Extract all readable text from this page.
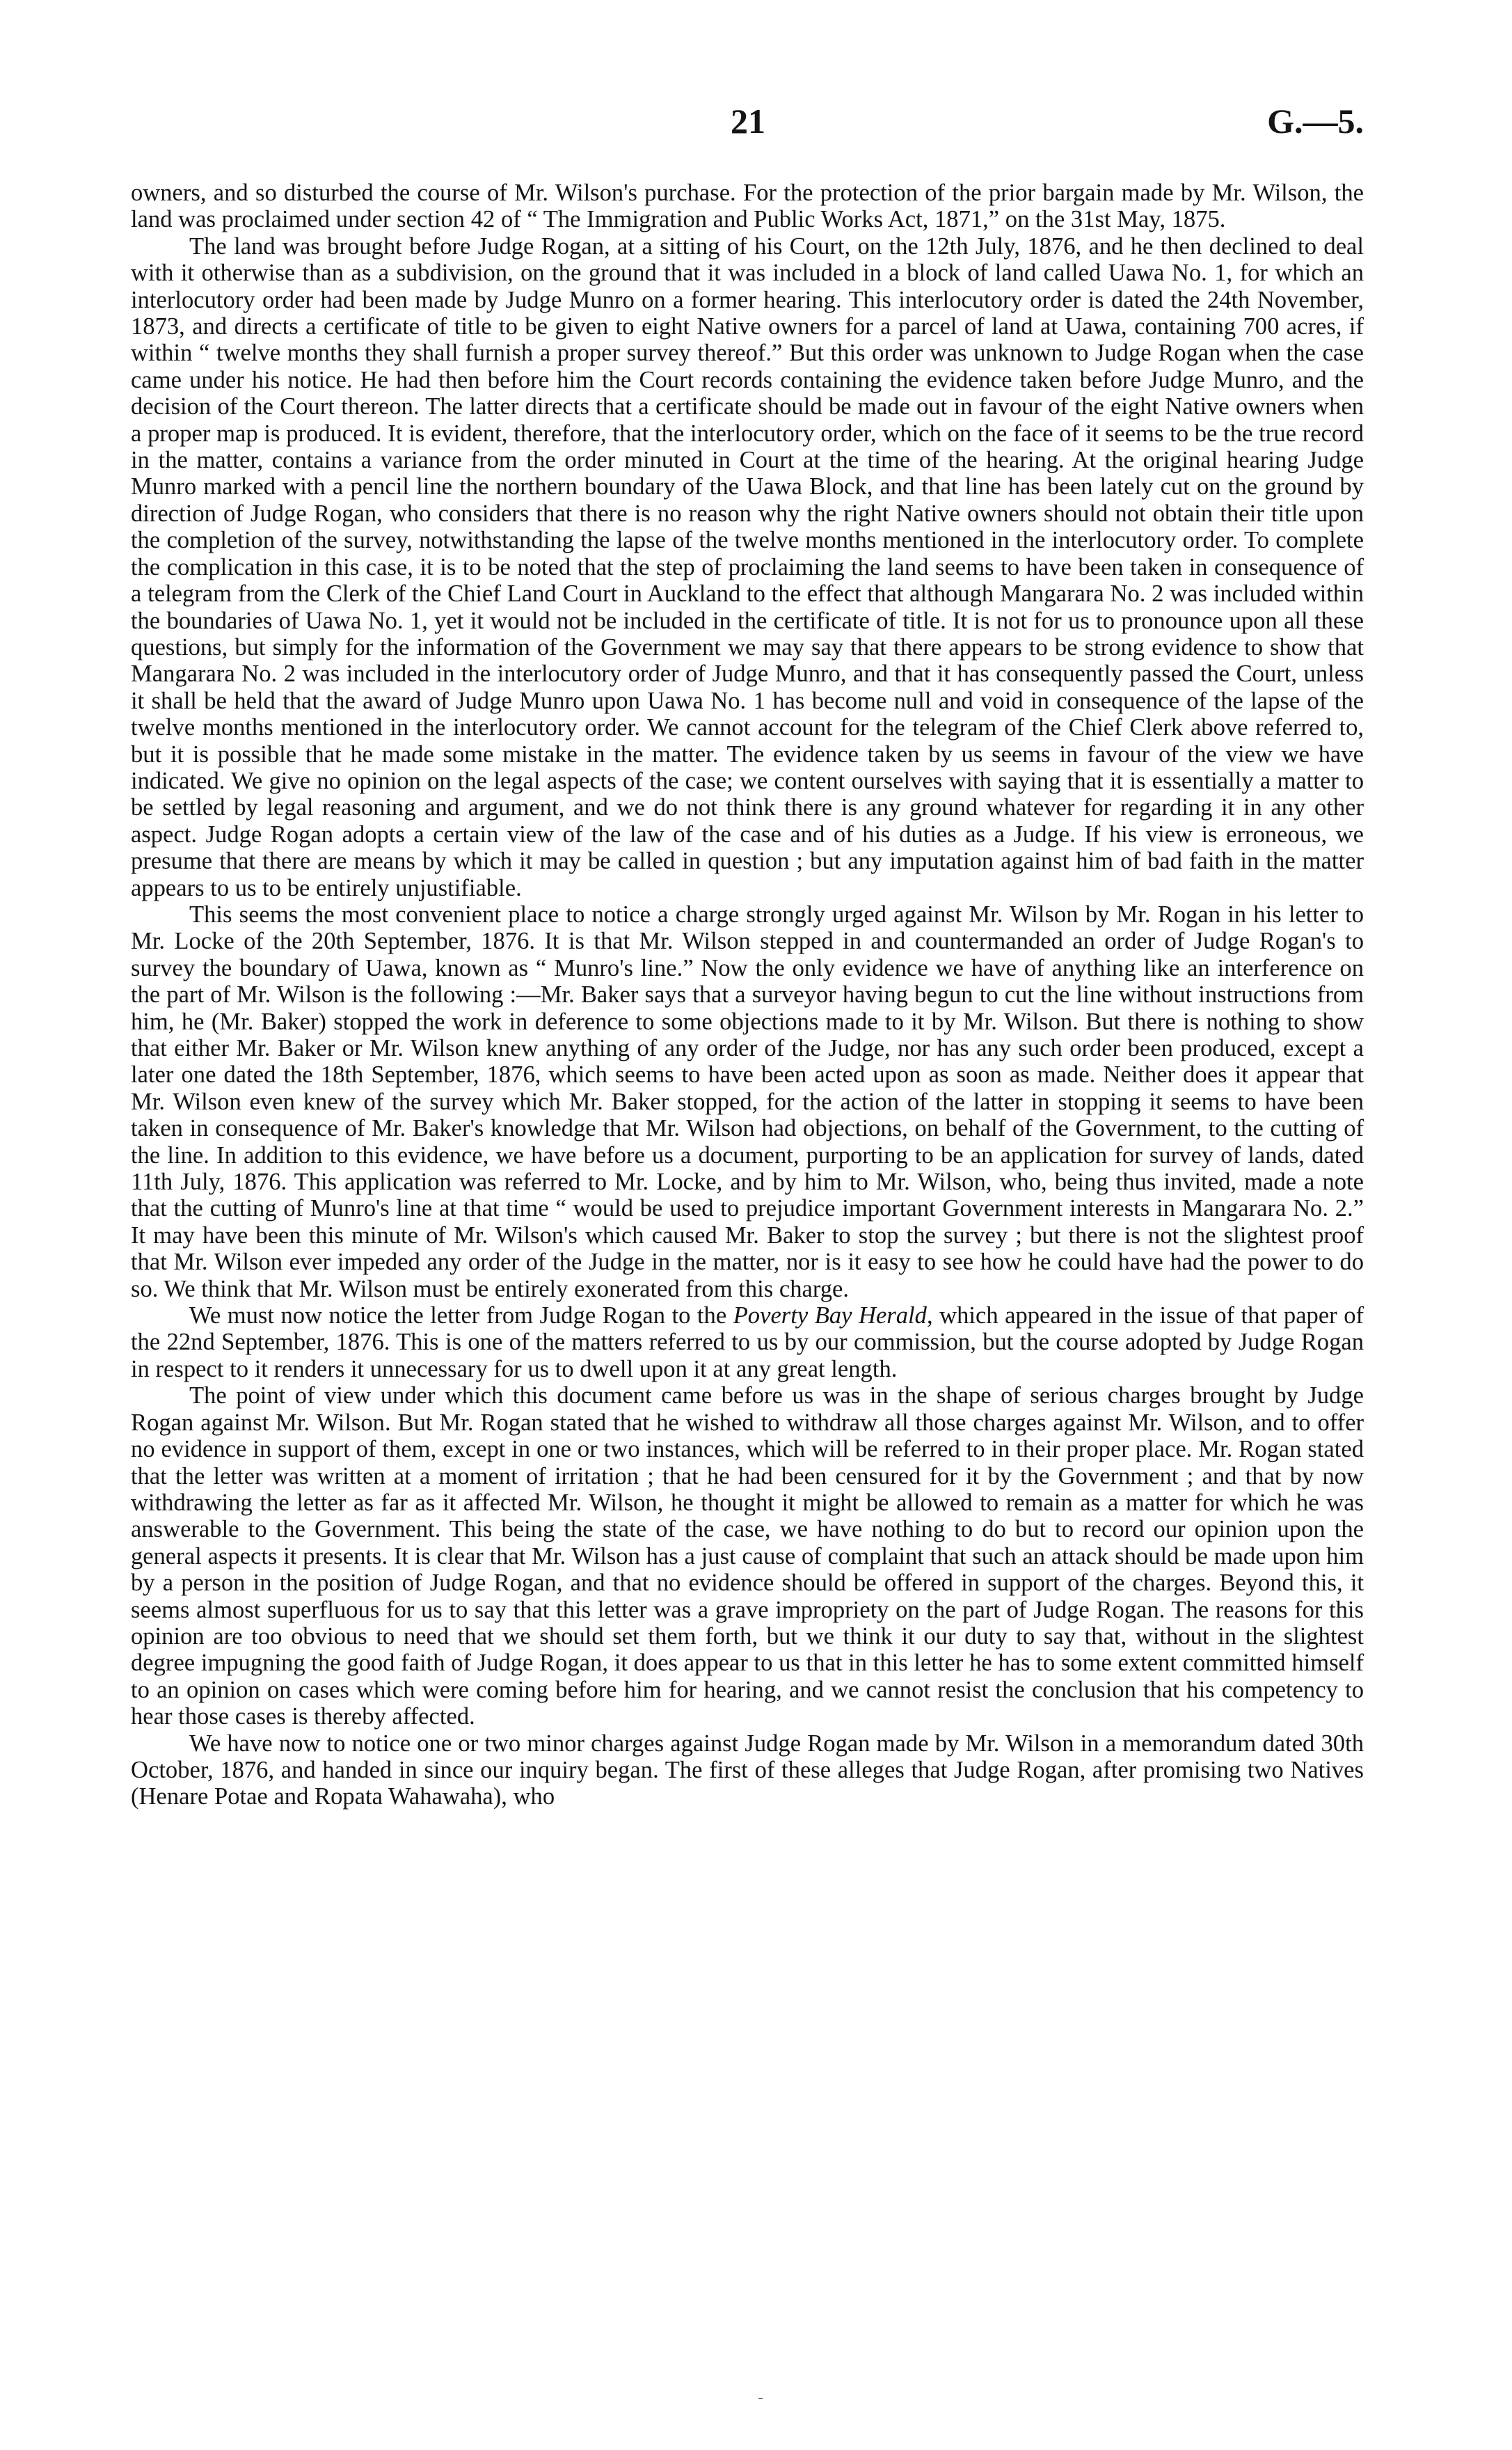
21	G.—5.

owners, and so disturbed the course of Mr. Wilson's purchase. For the protection of the prior bargain made by Mr. Wilson, the land was proclaimed under section 42 of “ The Immigration and Public Works Act, 1871,” on the 31st May, 1875.

The land was brought before Judge Rogan, at a sitting of his Court, on the 12th July, 1876, and he then declined to deal with it otherwise than as a subdivision, on the ground that it was included in a block of land called Uawa No. 1, for which an interlocutory order had been made by Judge Munro on a former hearing. This interlocutory order is dated the 24th November, 1873, and directs a certificate of title to be given to eight Native owners for a parcel of land at Uawa, containing 700 acres, if within “ twelve months they shall furnish a proper survey thereof.” But this order was unknown to Judge Rogan when the case came under his notice. He had then before him the Court records containing the evidence taken before Judge Munro, and the decision of the Court thereon. The latter directs that a certificate should be made out in favour of the eight Native owners when a proper map is produced. It is evident, therefore, that the interlocutory order, which on the face of it seems to be the true record in the matter, contains a variance from the order minuted in Court at the time of the hearing. At the original hearing Judge Munro marked with a pencil line the northern boundary of the Uawa Block, and that line has been lately cut on the ground by direction of Judge Rogan, who considers that there is no reason why the right Native owners should not obtain their title upon the completion of the survey, notwithstanding the lapse of the twelve months mentioned in the interlocutory order. To complete the complication in this case, it is to be noted that the step of proclaiming the land seems to have been taken in consequence of a telegram from the Clerk of the Chief Land Court in Auckland to the effect that although Mangarara No. 2 was included within the boundaries of Uawa No. 1, yet it would not be included in the certificate of title. It is not for us to pronounce upon all these questions, but simply for the information of the Government we may say that there appears to be strong evidence to show that Mangarara No. 2 was included in the interlocutory order of Judge Munro, and that it has consequently passed the Court, unless it shall be held that the award of Judge Munro upon Uawa No. 1 has become null and void in consequence of the lapse of the twelve months mentioned in the interlocutory order. We cannot account for the telegram of the Chief Clerk above referred to, but it is possible that he made some mistake in the matter. The evidence taken by us seems in favour of the view we have indicated. We give no opinion on the legal aspects of the case; we content ourselves with saying that it is essentially a matter to be settled by legal reasoning and argument, and we do not think there is any ground whatever for regarding it in any other aspect. Judge Rogan adopts a certain view of the law of the case and of his duties as a Judge. If his view is erroneous, we presume that there are means by which it may be called in question ; but any imputation against him of bad faith in the matter appears to us to be entirely unjustifiable.

This seems the most convenient place to notice a charge strongly urged against Mr. Wilson by Mr. Rogan in his letter to Mr. Locke of the 20th September, 1876. It is that Mr. Wilson stepped in and countermanded an order of Judge Rogan's to survey the boundary of Uawa, known as “ Munro's line.” Now the only evidence we have of anything like an interference on the part of Mr. Wilson is the following :—Mr. Baker says that a surveyor having begun to cut the line without instructions from him, he (Mr. Baker) stopped the work in deference to some objections made to it by Mr. Wilson. But there is nothing to show that either Mr. Baker or Mr. Wilson knew anything of any order of the Judge, nor has any such order been produced, except a later one dated the 18th September, 1876, which seems to have been acted upon as soon as made. Neither does it appear that Mr. Wilson even knew of the survey which Mr. Baker stopped, for the action of the latter in stopping it seems to have been taken in consequence of Mr. Baker's knowledge that Mr. Wilson had objections, on behalf of the Government, to the cutting of the line. In addition to this evidence, we have before us a document, purporting to be an application for survey of lands, dated 11th July, 1876. This application was referred to Mr. Locke, and by him to Mr. Wilson, who, being thus invited, made a note that the cutting of Munro's line at that time “ would be used to prejudice important Government interests in Mangarara No. 2.” It may have been this minute of Mr. Wilson's which caused Mr. Baker to stop the survey ; but there is not the slightest proof that Mr. Wilson ever impeded any order of the Judge in the matter, nor is it easy to see how he could have had the power to do so. We think that Mr. Wilson must be entirely exonerated from this charge.

We must now notice the letter from Judge Rogan to the Poverty Bay Herald, which appeared in the issue of that paper of the 22nd September, 1876. This is one of the matters referred to us by our commission, but the course adopted by Judge Rogan in respect to it renders it unnecessary for us to dwell upon it at any great length.

The point of view under which this document came before us was in the shape of serious charges brought by Judge Rogan against Mr. Wilson. But Mr. Rogan stated that he wished to withdraw all those charges against Mr. Wilson, and to offer no evidence in support of them, except in one or two instances, which will be referred to in their proper place. Mr. Rogan stated that the letter was written at a moment of irritation ; that he had been censured for it by the Government ; and that by now withdrawing the letter as far as it affected Mr. Wilson, he thought it might be allowed to remain as a matter for which he was answerable to the Government. This being the state of the case, we have nothing to do but to record our opinion upon the general aspects it presents. It is clear that Mr. Wilson has a just cause of complaint that such an attack should be made upon him by a person in the position of Judge Rogan, and that no evidence should be offered in support of the charges. Beyond this, it seems almost superfluous for us to say that this letter was a grave impropriety on the part of Judge Rogan. The reasons for this opinion are too obvious to need that we should set them forth, but we think it our duty to say that, without in the slightest degree impugning the good faith of Judge Rogan, it does appear to us that in this letter he has to some extent committed himself to an opinion on cases which were coming before him for hearing, and we cannot resist the conclusion that his competency to hear those cases is thereby affected.

We have now to notice one or two minor charges against Judge Rogan made by Mr. Wilson in a memorandum dated 30th October, 1876, and handed in since our inquiry began. The first of these alleges that Judge Rogan, after promising two Natives (Henare Potae and Ropata Wahawaha), who
